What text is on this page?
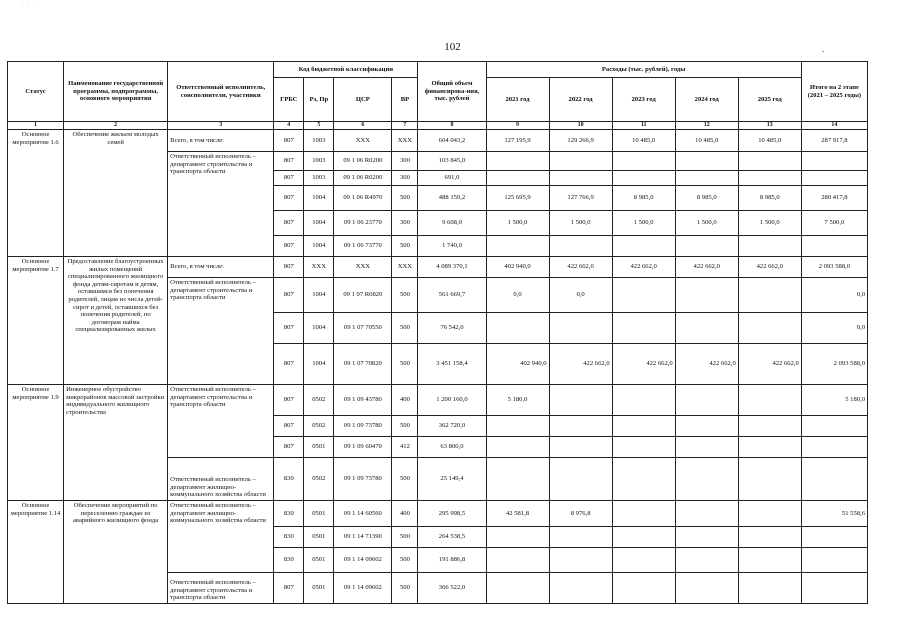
· · ·
102	-
Статус	Наименование государственной программы, подпрограммы, основного мероприятия	Ответственный исполнитель, соисполнители, участники	Код бюджетной классификации				Общий объем финансирова-ния, тыс. рублей	Расходы (тыс. рублей), годы					Итого на 2 этапе (2021 – 2025 годы)
			ГРБС	Рз, Пр	ЦСР	ВР		2021 год	2022 год	2023 год	2024 год	2025 год	
1	2	3	4	5	6	7	8	9	10	11	12	13	14
Основное мероприятие 1.6	Обеспечение жильем молодых семей	Всего, в том числе:	807	1003	ХХХ	ХХХ	604 043,2	127 195,9	129 266,9	10 485,0	10 485,0	10 485,0	287 917,8
		Ответственный исполнитель – департамент строительства и транспорта области	807	1003	09 1 06 R0200	300	103 845,0						
			807	1003	09 1 06 R0200	300	691,0						
			807	1004	09 1 06 R4970	500	488 159,2	125 695,9	127 766,9	8 985,0	8 985,0	8 985,0	280 417,8
			807	1004	09 1 06 23770	300	9 608,0	1 500,0	1 500,0	1 500,0	1 500,0	1 500,0	7 500,0
			807	1004	09 1 06 73770	500	1 740,0						
Основное мероприятие 1.7	Предоставление благоустроенных жилых помещений специализированного жилищного фонда детям-сиротам и детям, оставшимся без попечения родителей, лицам из числа детей-сирот и детей, оставшихся без попечения родителей, по договорам найма специализированных жилых	Всего, в том числе:	807	ХХХ	ХХХ	ХХХ	4 089 370,1	402 940,0	422 662,0	422 662,0	422 662,0	422 662,0	2 093 588,0
		Ответственный исполнитель – департамент строительства и транспорта области	807	1004	09 1 07 R0820	500	561 669,7	0,0	0,0				0,0
			807	1004	09 1 07 70550	500	76 542,0						0,0
			807	1004	09 1 07 70820	500	3 451 158,4	402 940,0	422 662,0	422 662,0	422 662,0	422 662,0	2 093 588,0
Основное мероприятие 1.9	Инженерное обустройство микрорайонов массовой застройки индивидуального жилищного строительства	Ответственный исполнитель – департамент строительства и транспорта области	807	0502	09 1 09 43780	400	1 200 160,0	5 180,0					5 180,0
			807	0502	09 1 09 73780	500	362 720,0						
			807	0501	09 1 09 60470	412	63 800,0						
		Ответственный исполнитель – департамент жилищно-коммунального хозяйства области	830	0502	09 1 09 73780	500	25 149,4						
Основное мероприятие 1.14	Обеспечение мероприятий по переселению граждан из аварийного жилищного фонда	Ответственный исполнитель – департамент жилищно-коммунального хозяйства области	830	0501	09 1 14 60560	400	295 998,5	42 581,8	8 976,8				51 558,6
			830	0501	09 1 14 71390	500	264 538,5						
			830	0501	09 1 14 09602	500	191 886,8						
		Ответственный исполнитель – департамент строительства и транспорта области	807	0501	09 1 14 09602	500	366 522,0						
